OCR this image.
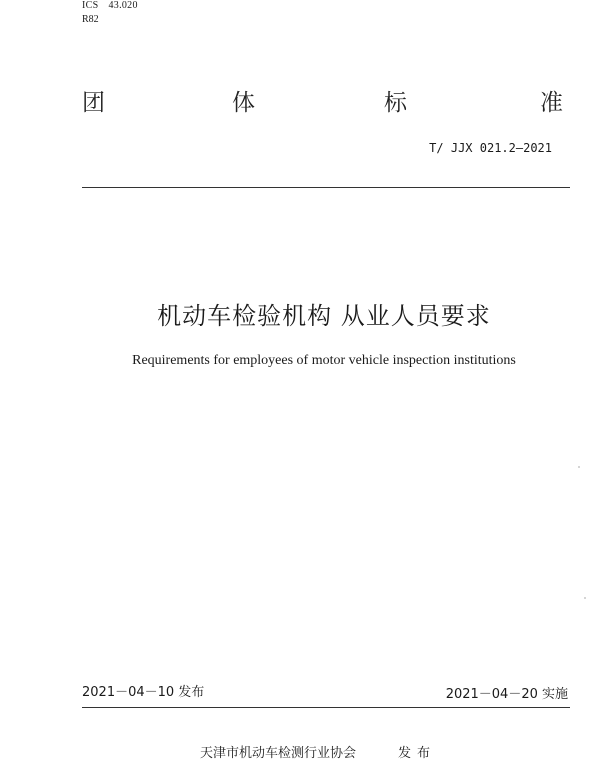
ICS 43.020
R82
团	体	标	准
T/ JJX 021.2—2021
机动车检验机构 从业人员要求
Requirements for employees of motor vehicle inspection institutions
2021－04－10 发布	2021－04－20 实施
天津市机动车检测行业协会	发布
